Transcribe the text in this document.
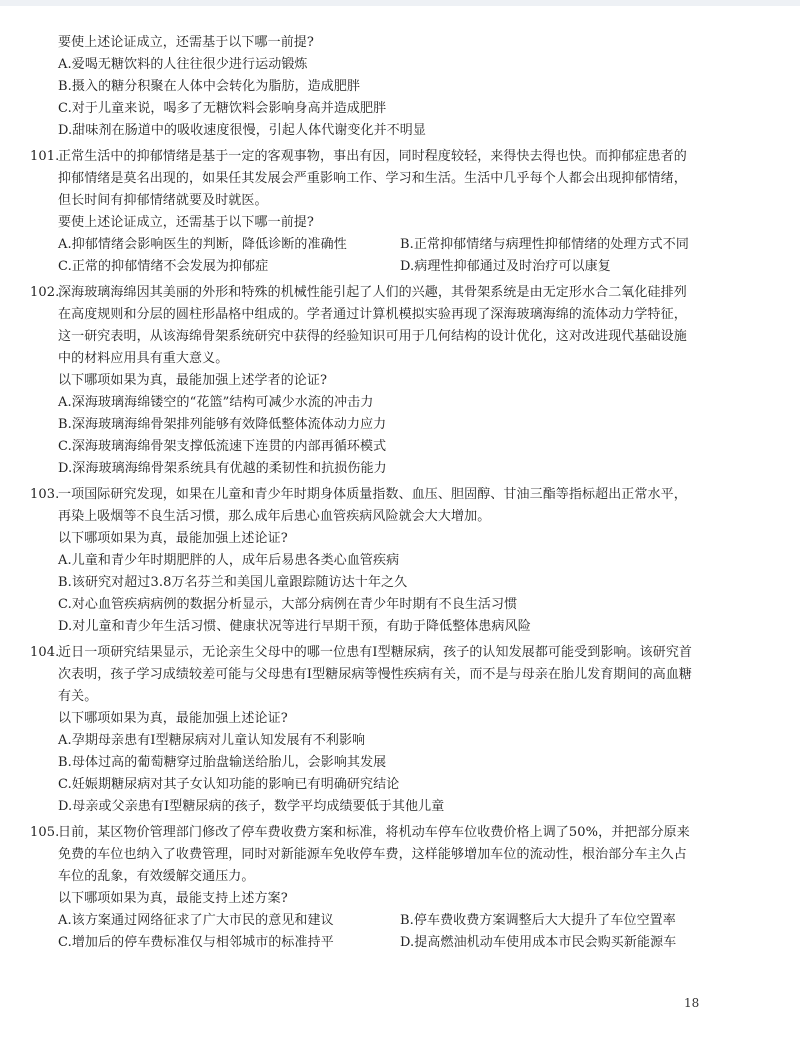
要使上述论证成立，还需基于以下哪一前提?
A.爱喝无糖饮料的人往往很少进行运动锻炼
B.摄入的糖分积聚在人体中会转化为脂肪，造成肥胖
C.对于儿童来说，喝多了无糖饮料会影响身高并造成肥胖
D.甜味剂在肠道中的吸收速度很慢，引起人体代谢变化并不明显
101.
正常生活中的抑郁情绪是基于一定的客观事物，事出有因，同时程度较轻，来得快去得也快。而抑郁症患者的
抑郁情绪是莫名出现的，如果任其发展会严重影响工作、学习和生活。生活中几乎每个人都会出现抑郁情绪，
但长时间有抑郁情绪就要及时就医。
要使上述论证成立，还需基于以下哪一前提?
A.抑郁情绪会影响医生的判断，降低诊断的准确性	B.正常抑郁情绪与病理性抑郁情绪的处理方式不同
C.正常的抑郁情绪不会发展为抑郁症	D.病理性抑郁通过及时治疗可以康复
102.
深海玻璃海绵因其美丽的外形和特殊的机械性能引起了人们的兴趣，其骨架系统是由无定形水合二氧化硅排列
在高度规则和分层的圆柱形晶格中组成的。学者通过计算机模拟实验再现了深海玻璃海绵的流体动力学特征，
这一研究表明，从该海绵骨架系统研究中获得的经验知识可用于几何结构的设计优化，这对改进现代基础设施
中的材料应用具有重大意义。
以下哪项如果为真，最能加强上述学者的论证?
A.深海玻璃海绵镂空的“花篮”结构可减少水流的冲击力
B.深海玻璃海绵骨架排列能够有效降低整体流体动力应力
C.深海玻璃海绵骨架支撑低流速下连贯的内部再循环模式
D.深海玻璃海绵骨架系统具有优越的柔韧性和抗损伤能力
103.
一项国际研究发现，如果在儿童和青少年时期身体质量指数、血压、胆固醇、甘油三酯等指标超出正常水平，
再染上吸烟等不良生活习惯，那么成年后患心血管疾病风险就会大大增加。
以下哪项如果为真，最能加强上述论证?
A.儿童和青少年时期肥胖的人，成年后易患各类心血管疾病
B.该研究对超过3.8万名芬兰和美国儿童跟踪随访达十年之久
C.对心血管疾病病例的数据分析显示，大部分病例在青少年时期有不良生活习惯
D.对儿童和青少年生活习惯、健康状况等进行早期干预，有助于降低整体患病风险
104.
近日一项研究结果显示，无论亲生父母中的哪一位患有Ⅰ型糖尿病，孩子的认知发展都可能受到影响。该研究首
次表明，孩子学习成绩较差可能与父母患有Ⅰ型糖尿病等慢性疾病有关，而不是与母亲在胎儿发育期间的高血糖
有关。
以下哪项如果为真，最能加强上述论证?
A.孕期母亲患有Ⅰ型糖尿病对儿童认知发展有不利影响
B.母体过高的葡萄糖穿过胎盘输送给胎儿，会影响其发展
C.妊娠期糖尿病对其子女认知功能的影响已有明确研究结论
D.母亲或父亲患有Ⅰ型糖尿病的孩子，数学平均成绩要低于其他儿童
105.
日前，某区物价管理部门修改了停车费收费方案和标准，将机动车停车位收费价格上调了50%，并把部分原来
免费的车位也纳入了收费管理，同时对新能源车免收停车费，这样能够增加车位的流动性，根治部分车主久占
车位的乱象，有效缓解交通压力。
以下哪项如果为真，最能支持上述方案?
A.该方案通过网络征求了广大市民的意见和建议	B.停车费收费方案调整后大大提升了车位空置率
C.增加后的停车费标准仅与相邻城市的标准持平	D.提高燃油机动车使用成本市民会购买新能源车
18
